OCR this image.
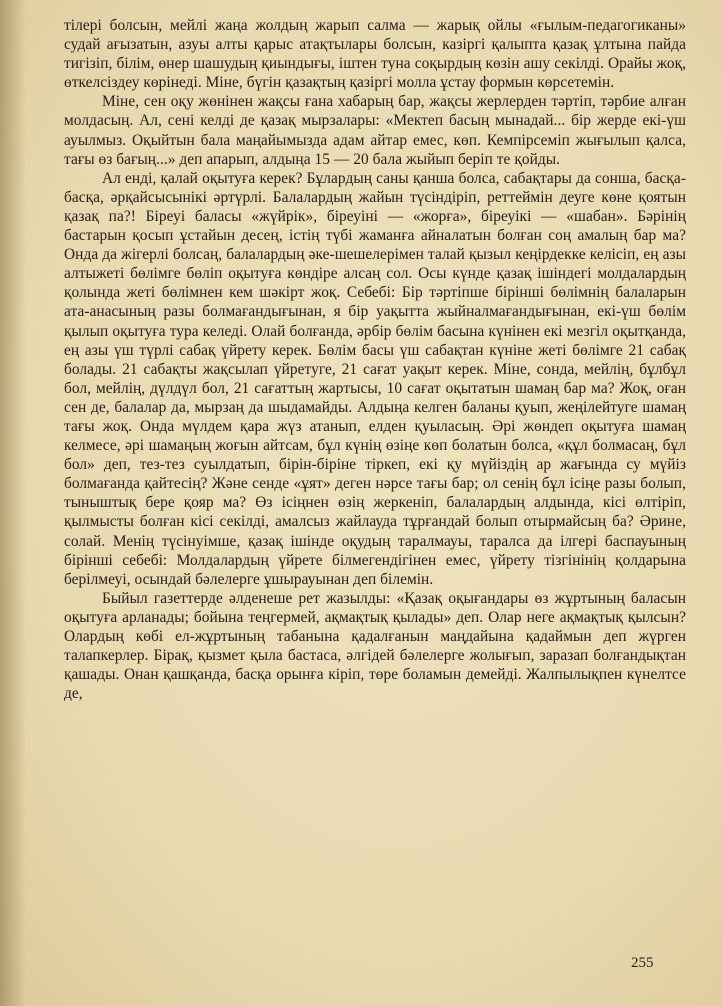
тілері болсын, мейлі жаңа жолдың жарып салма — жарық ойлы «ғылым-педагогиканы» судай ағызатын, азуы алты қарыс атақтылары болсын, казіргі қалыпта қазақ ұлтына пайда тигізіп, білім, өнер шашудың қиындығы, іштен туна соқырдың көзін ашу секілді. Орайы жоқ, өткелсіздеу көрінеді. Міне, бүгін қазақтың қазіргі молла ұстау формын көрсетемін.

Міне, сен оқу жөнінен жақсы ғана хабарың бар, жақсы жерлерден тәртіп, тәрбие алған молдасың. Ал, сені келді де қазақ мырзалары: «Мектеп басың мынадай... бір жерде екі-үш ауылмыз. Оқыйтын бала маңайымызда адам айтар емес, көп. Кемпірсеміп жығылып қалса, тағы өз бағың...» деп апарып, алдыңа 15 — 20 бала жыйып беріп те қойды.

Ал енді, қалай оқытуға керек? Бұлардың саны қанша болса, сабақтары да сонша, басқа-басқа, әрқайсысынікі әртүрлі. Балалардың жайын түсіндіріп, реттеймін деуге көне қоятын қазақ па?! Біреуі баласы «жүйрік», біреуіні — «жорға», біреуікі — «шабан». Бәрінің бастарын қосып ұстайын десең, істің түбі жаманға айналатын болған соң амалың бар ма? Онда да жігерлі болсаң, балалардың әке-шешелерімен талай қызыл кеңірдекке келісіп, ең азы алтыжеті бөлімге бөліп оқытуға көндіре алсаң сол. Осы күнде қазақ ішіндегі молдалардың қолында жеті бөлімнен кем шәкірт жоқ. Себебі: Бір тәртіпше бірінші бөлімнің балаларын ата-анасының разы болмағандығынан, я бір уақытта жыйналмағандығынан, екі-үш бөлім қылып оқытуға тура келеді. Олай болғанда, әрбір бөлім басына күнінен екі мезгіл оқытқанда, ең азы үш түрлі сабақ үйрету керек. Бөлім басы үш сабақтан күніне жеті бөлімге 21 сабақ болады. 21 сабақты жақсылап үйретуге, 21 сағат уақыт керек. Міне, сонда, мейлің, бұлбұл бол, мейлің, дүлдүл бол, 21 сағаттың жартысы, 10 сағат оқытатын шамаң бар ма? Жоқ, оған сен де, балалар да, мырзаң да шыдамайды. Алдыңа келген баланы қуып, жеңілейтуге шамаң тағы жоқ. Онда мүлдем қара жүз атанып, елден қуыласың. Әрі жөндеп оқытуға шамаң келмесе, әрі шамаңың жоғын айтсам, бұл күнің өзіңе көп болатын болса, «құл болмасаң, бұл бол» деп, тез-тез суылдатып, бірін-біріне тіркеп, екі қу мүйіздің ар жағында су мүйіз болмағанда қайтесің? Және сенде «ұят» деген нәрсе тағы бар; ол сенің бұл ісіңе разы болып, тыныштық бере қояр ма? Өз ісіңнен өзің жеркеніп, балалардың алдында, кісі өлтіріп, қылмысты болған кісі секілді, амалсыз жайлауда тұрғандай болып отырмайсың ба? Әрине, солай. Менің түсінуімше, қазақ ішінде оқудың таралмауы, таралса да ілгері баспауының бірінші себебі: Молдалардың үйрете білмегендігінен емес, үйрету тізгінінің қолдарына берілмеуі, осындай бәлелерге ұшырауынан деп білемін.

Быйыл газеттерде әлденеше рет жазылды: «Қазақ оқығандары өз жұртының баласын оқытуға арланады; бойына теңгермей, ақмақтық қылады» деп. Олар неге ақмақтық қылсын? Олардың көбі ел-жұртының табанына қадалғанын маңдайына қадаймын деп жүрген талапкерлер. Бірақ, қызмет қыла бастаса, әлгідей бәлелерге жолығып, заразап болғандықтан қашады. Онан қашқанда, басқа орынға кіріп, төре боламын демейді. Жалпылықпен күнелтсе де,

255
